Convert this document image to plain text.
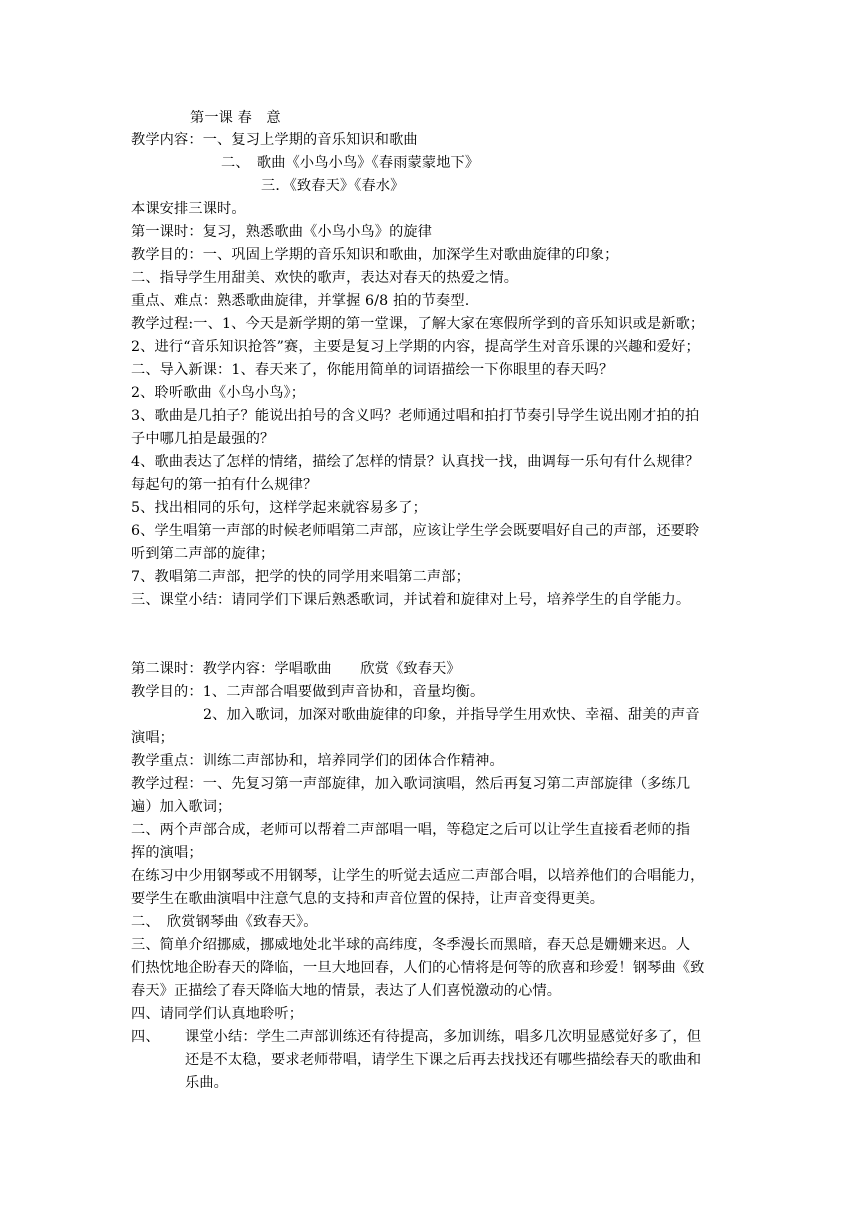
第一课 春　意
教学内容：一、复习上学期的音乐知识和歌曲
二、　歌曲《小鸟小鸟》《春雨蒙蒙地下》
三．《致春天》《春水》
本课安排三课时。
第一课时：复习，熟悉歌曲《小鸟小鸟》的旋律
教学目的：一、巩固上学期的音乐知识和歌曲，加深学生对歌曲旋律的印象；
二、指导学生用甜美、欢快的歌声，表达对春天的热爱之情。
重点、难点：熟悉歌曲旋律，并掌握 6/8 拍的节奏型.
教学过程:一、1、今天是新学期的第一堂课，了解大家在寒假所学到的音乐知识或是新歌；
2、进行“音乐知识抢答”赛，主要是复习上学期的内容，提高学生对音乐课的兴趣和爱好；
二、导入新课：1、春天来了，你能用简单的词语描绘一下你眼里的春天吗？
2、聆听歌曲《小鸟小鸟》；
3、歌曲是几拍子？能说出拍号的含义吗？老师通过唱和拍打节奏引导学生说出刚才拍的拍
子中哪几拍是最强的？
4、歌曲表达了怎样的情绪，描绘了怎样的情景？认真找一找，曲调每一乐句有什么规律？
每起句的第一拍有什么规律？
5、找出相同的乐句，这样学起来就容易多了；
6、学生唱第一声部的时候老师唱第二声部，应该让学生学会既要唱好自己的声部，还要聆
听到第二声部的旋律；
7、教唱第二声部，把学的快的同学用来唱第二声部；
三、课堂小结：请同学们下课后熟悉歌词，并试着和旋律对上号，培养学生的自学能力。
第二课时：教学内容：学唱歌曲　　欣赏《致春天》
教学目的：1、二声部合唱要做到声音协和，音量均衡。
2、加入歌词，加深对歌曲旋律的印象，并指导学生用欢快、幸福、甜美的声音
演唱；
教学重点：训练二声部协和，培养同学们的团体合作精神。
教学过程：一、先复习第一声部旋律，加入歌词演唱，然后再复习第二声部旋律（多练几
遍）加入歌词；
二、两个声部合成，老师可以帮着二声部唱一唱，等稳定之后可以让学生直接看老师的指
挥的演唱；
在练习中少用钢琴或不用钢琴，让学生的听觉去适应二声部合唱，以培养他们的合唱能力，
要学生在歌曲演唱中注意气息的支持和声音位置的保持，让声音变得更美。
二、　欣赏钢琴曲《致春天》。
三、简单介绍挪威，挪威地处北半球的高纬度，冬季漫长而黑暗，春天总是姗姗来迟。人
们热忱地企盼春天的降临，一旦大地回春，人们的心情将是何等的欣喜和珍爱！钢琴曲《致
春天》正描绘了春天降临大地的情景，表达了人们喜悦激动的心情。
四、请同学们认真地聆听；
四、 课堂小结：学生二声部训练还有待提高，多加训练，唱多几次明显感觉好多了，但
还是不太稳，要求老师带唱，请学生下课之后再去找找还有哪些描绘春天的歌曲和
乐曲。
